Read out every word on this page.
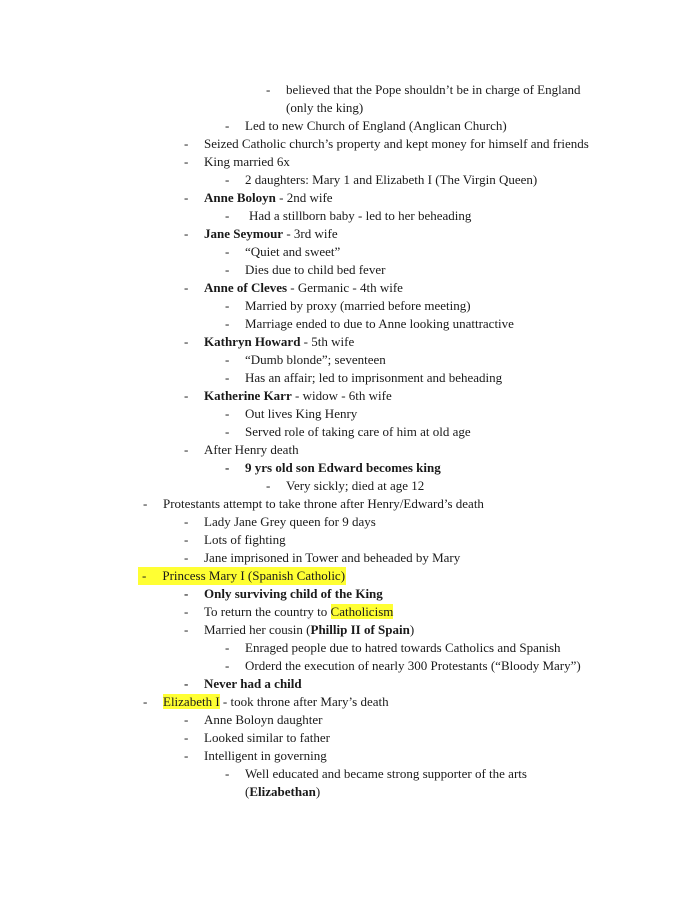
- believed that the Pope shouldn’t be in charge of England
(only the king)
- Led to new Church of England (Anglican Church)
- Seized Catholic church’s property and kept money for himself and friends
- King married 6x
- 2 daughters: Mary 1 and Elizabeth I (The Virgin Queen)
- Anne Boloyn - 2nd wife
- Had a stillborn baby - led to her beheading
- Jane Seymour - 3rd wife
- “Quiet and sweet”
- Dies due to child bed fever
- Anne of Cleves - Germanic - 4th wife
- Married by proxy (married before meeting)
- Marriage ended to due to Anne looking unattractive
- Kathryn Howard - 5th wife
- “Dumb blonde”; seventeen
- Has an affair; led to imprisonment and beheading
- Katherine Karr - widow - 6th wife
- Out lives King Henry
- Served role of taking care of him at old age
- After Henry death
- 9 yrs old son Edward becomes king
- Very sickly; died at age 12
- Protestants attempt to take throne after Henry/Edward’s death
- Lady Jane Grey queen for 9 days
- Lots of fighting
- Jane imprisoned in Tower and beheaded by Mary
- Princess Mary I (Spanish Catholic)
- Only surviving child of the King
- To return the country to Catholicism
- Married her cousin (Phillip II of Spain)
- Enraged people due to hatred towards Catholics and Spanish
- Orderd the execution of nearly 300 Protestants (“Bloody Mary”)
- Never had a child
- Elizabeth I - took throne after Mary’s death
- Anne Boloyn daughter
- Looked similar to father
- Intelligent in governing
- Well educated and became strong supporter of the arts
(Elizabethan)
